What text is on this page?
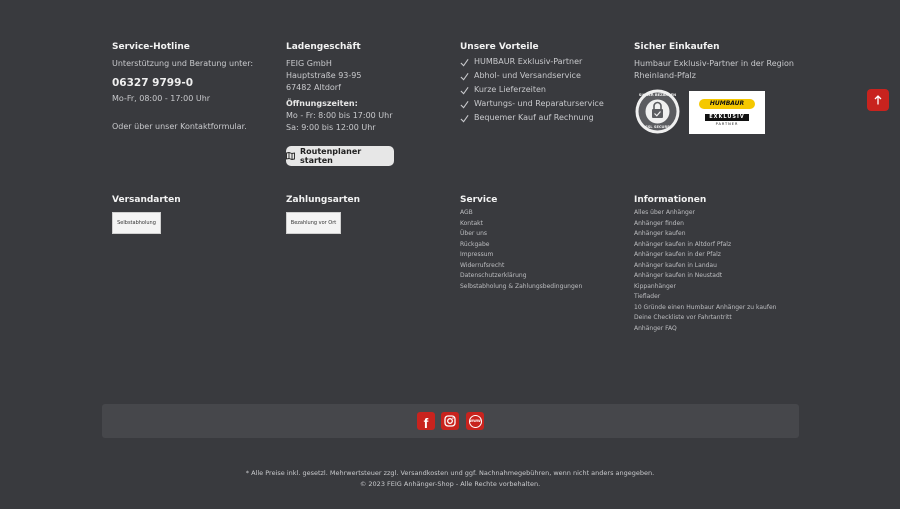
Service-Hotline
Unterstützung und Beratung unter:
06327 9799-0
Mo-Fr, 08:00 - 17:00 Uhr
Oder über unser Kontaktformular.
Ladengeschäft
FEIG GmbH
Hauptstraße 93-95
67482 Altdorf
Öffnungszeiten:
Mo - Fr: 8:00 bis 17:00 Uhr
Sa: 9:00 bis 12:00 Uhr
Routenplaner starten
Unsere Vorteile
HUMBAUR Exklusiv-Partner
Abhol- und Versandservice
Kurze Lieferzeiten
Wartungs- und Reparaturservice
Bequemer Kauf auf Rechnung
Sicher Einkaufen
Humbaur Exklusiv-Partner in der Region
Rheinland-Pfalz
SICHER BEZAHLEN
SSL SECURE
HUMBAUR
EXKLUSIV
PARTNER
Versandarten
Selbstabholung
Zahlungsarten
Bezahlung vor Ort
Service
AGB
Kontakt
Über uns
Rückgabe
Impressum
Widerrufsrecht
Datenschutzerklärung
Selbstabholung & Zahlungsbedingungen
Informationen
Alles über Anhänger
Anhänger finden
Anhänger kaufen
Anhänger kaufen in Altdorf Pfalz
Anhänger kaufen in der Pfalz
Anhänger kaufen in Landau
Anhänger kaufen in Neustadt
Kippanhänger
Tieflader
10 Gründe einen Humbaur Anhänger zu kaufen
Deine Checkliste vor Fahrtantritt
Anhänger FAQ
f	WWW
* Alle Preise inkl. gesetzl. Mehrwertsteuer zzgl. Versandkosten und ggf. Nachnahmegebühren, wenn nicht anders angegeben.
© 2023 FEIG Anhänger-Shop - Alle Rechte vorbehalten.
